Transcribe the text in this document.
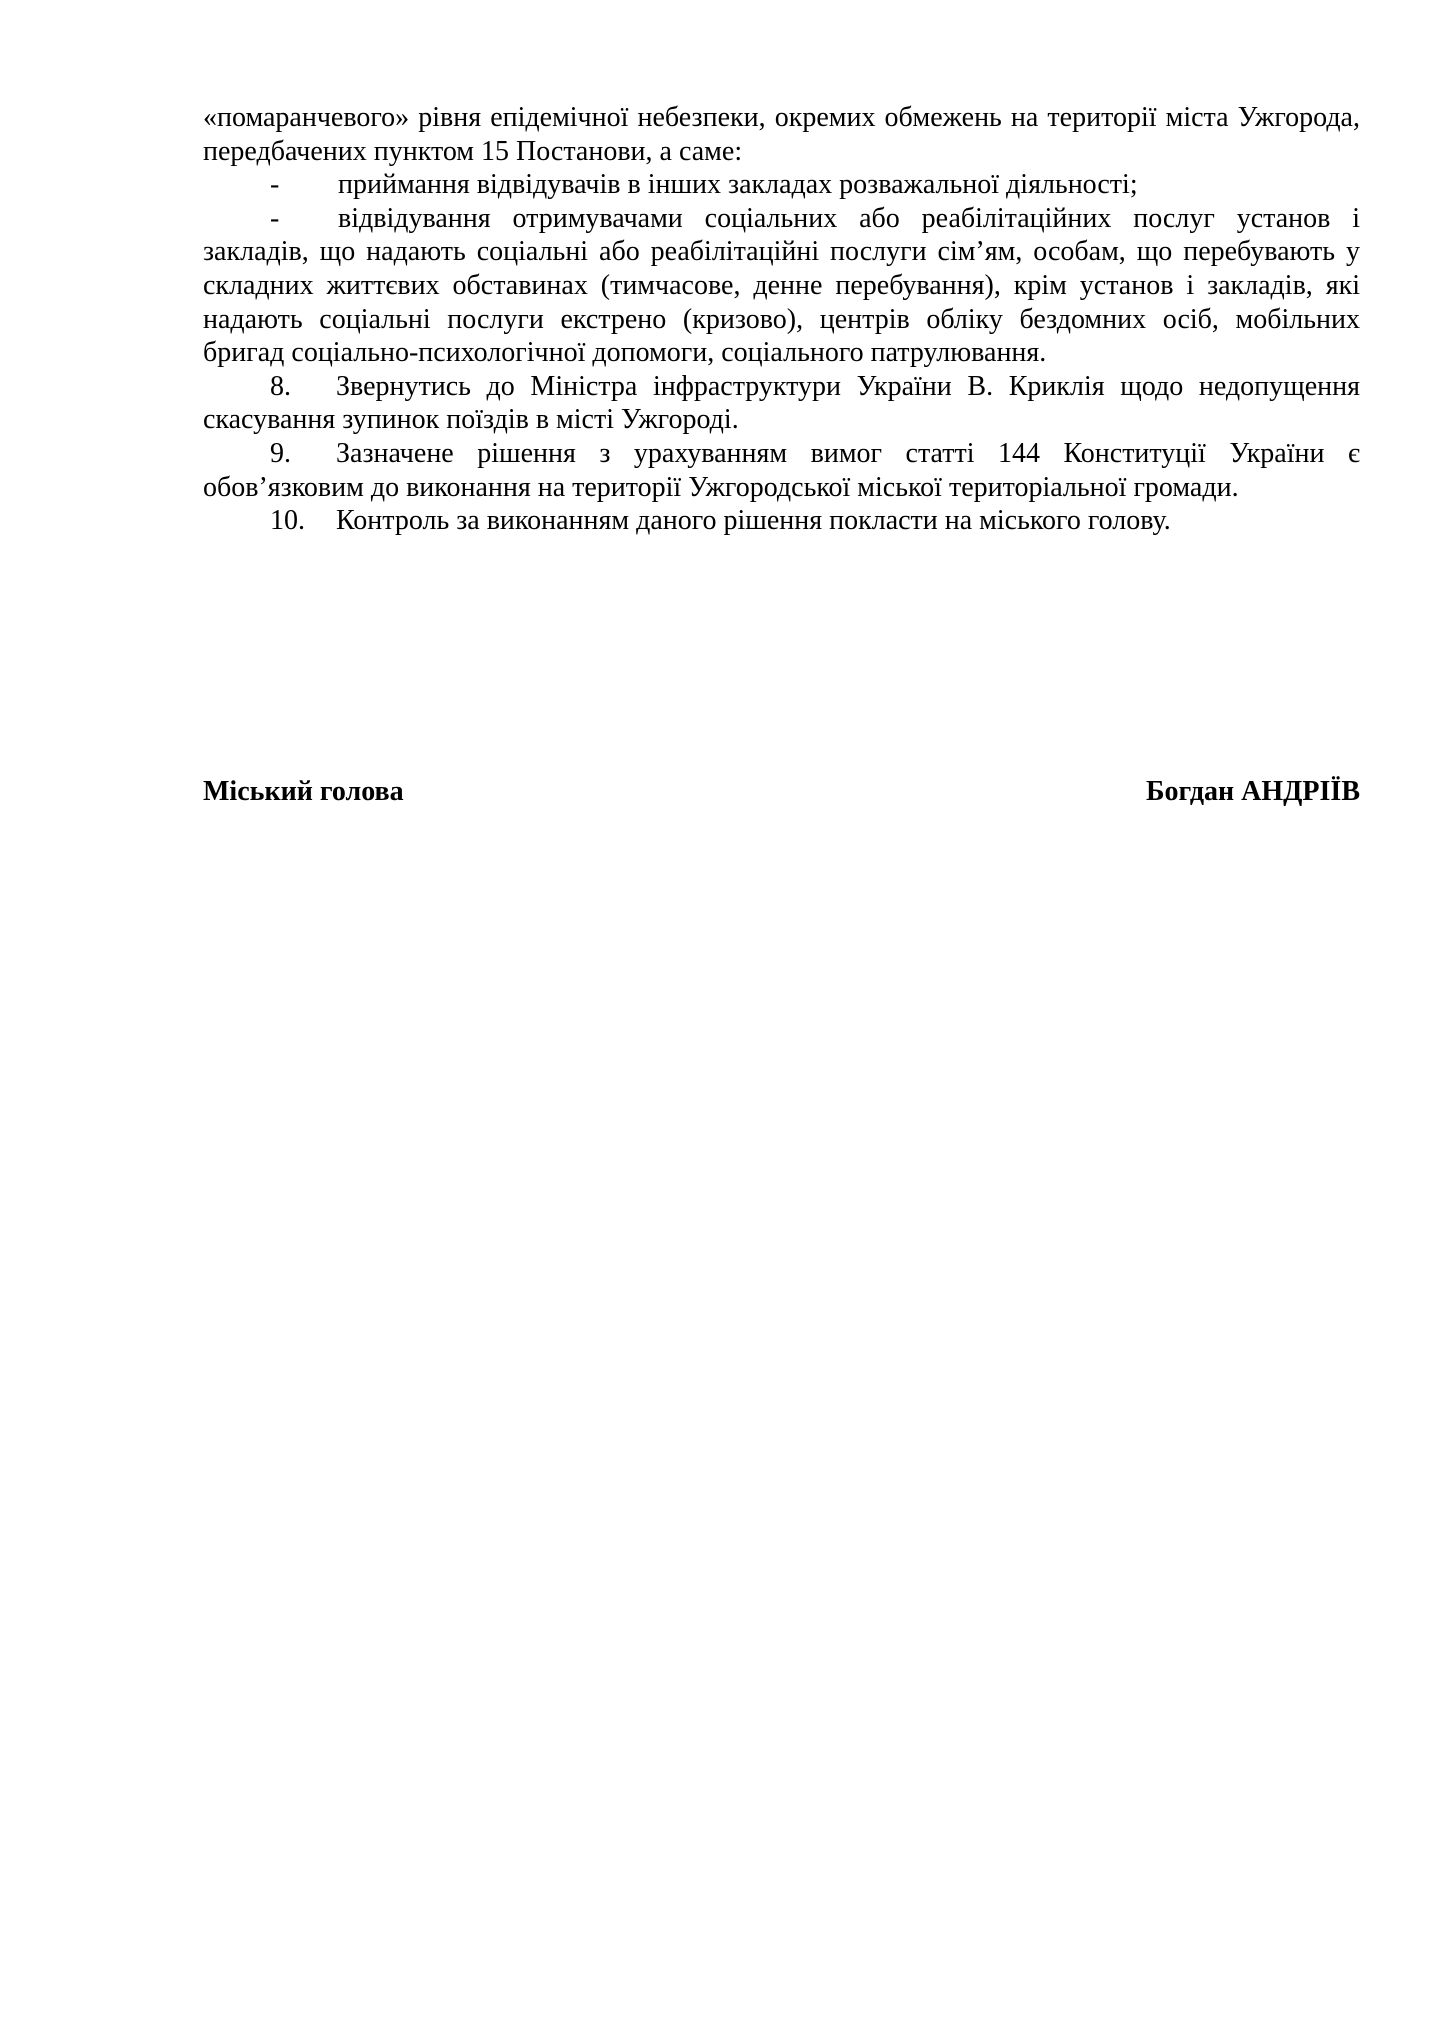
«помаранчевого» рівня епідемічної небезпеки, окремих обмежень на території міста Ужгорода, передбачених пунктом 15 Постанови, а саме:

- приймання відвідувачів в інших закладах розважальної діяльності;

- відвідування отримувачами соціальних або реабілітаційних послуг установ і закладів, що надають соціальні або реабілітаційні послуги сім’ям, особам, що перебувають у складних життєвих обставинах (тимчасове, денне перебування), крім установ і закладів, які надають соціальні послуги екстрено (кризово), центрів обліку бездомних осіб, мобільних бригад соціально-психологічної допомоги, соціального патрулювання.

8. Звернутись до Міністра інфраструктури України В. Криклія щодо недопущення скасування зупинок поїздів в місті Ужгороді.

9. Зазначене рішення з урахуванням вимог статті 144 Конституції України є обов’язковим до виконання на території Ужгородської міської територіальної громади.

10. Контроль за виконанням даного рішення покласти на міського голову.

Міський голова	Богдан АНДРІЇВ
